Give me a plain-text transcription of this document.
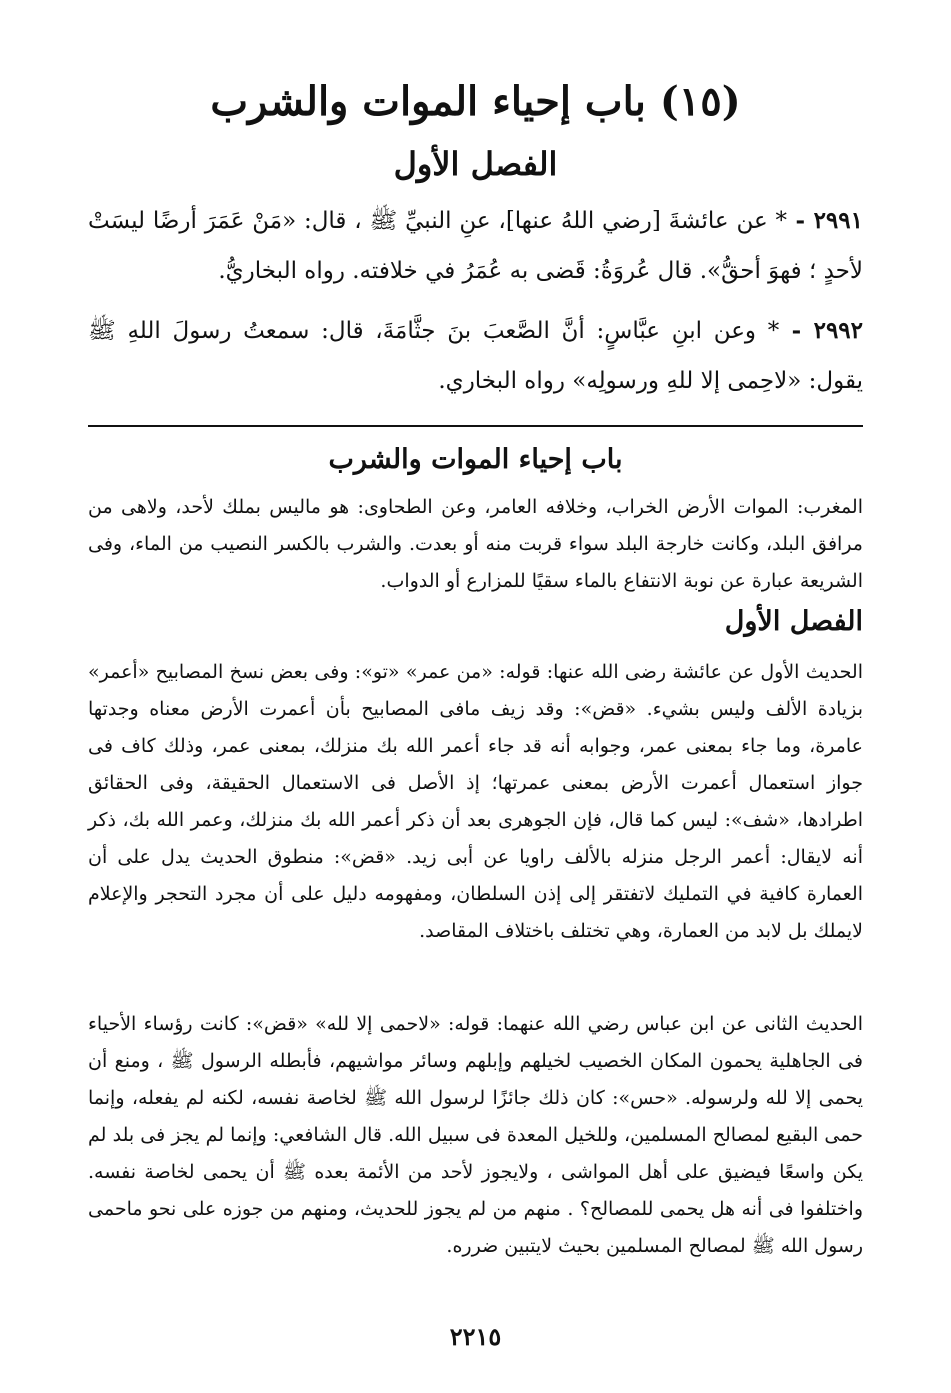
(١٥) باب إحياء الموات والشرب
الفصل الأول

٢٩٩١ - * عن عائشةَ [رضي اللهُ عنها]، عنِ النبيِّ ﷺ ، قال: «مَنْ عَمَرَ أرضًا ليسَتْ لأحدٍ ؛ فهوَ أحقُّ». قال عُروَةُ: قَضى به عُمَرُ في خلافته. رواه البخاريُّ.

٢٩٩٢ - * وعن ابنِ عبَّاسٍ: أنَّ الصَّعبَ بنَ جثَّامَةَ، قال: سمعتُ رسولَ اللهِ ﷺ يقول: «لاحِمى إلا للهِ ورسولِه» رواه البخاري.

باب إحياء الموات والشرب

المغرب: الموات الأرض الخراب، وخلافه العامر، وعن الطحاوى: هو ماليس بملك لأحد، ولاهى من مرافق البلد، وكانت خارجة البلد سواء قربت منه أو بعدت. والشرب بالكسر النصيب من الماء، وفى الشريعة عبارة عن نوبة الانتفاع بالماء سقيًا للمزارع أو الدواب.

الفصل الأول

الحديث الأول عن عائشة رضى الله عنها: قوله: «من عمر» «تو»: وفى بعض نسخ المصابيح «أعمر» بزيادة الألف وليس بشيء. «قض»: وقد زيف مافى المصابيح بأن أعمرت الأرض معناه وجدتها عامرة، وما جاء بمعنى عمر، وجوابه أنه قد جاء أعمر الله بك منزلك، بمعنى عمر، وذلك كاف فى جواز استعمال أعمرت الأرض بمعنى عمرتها؛ إذ الأصل فى الاستعمال الحقيقة، وفى الحقائق اطرادها، «شف»: ليس كما قال، فإن الجوهرى بعد أن ذكر أعمر الله بك منزلك، وعمر الله بك، ذكر أنه لايقال: أعمر الرجل منزله بالألف راويا عن أبى زيد. «قض»: منطوق الحديث يدل على أن العمارة كافية في التمليك لاتفتقر إلى إذن السلطان، ومفهومه دليل على أن مجرد التحجر والإعلام لايملك بل لابد من العمارة، وهي تختلف باختلاف المقاصد.

الحديث الثانى عن ابن عباس رضي الله عنهما: قوله: «لاحمى إلا لله» «قض»: كانت رؤساء الأحياء فى الجاهلية يحمون المكان الخصيب لخيلهم وإبلهم وسائر مواشيهم، فأبطله الرسول ﷺ ، ومنع أن يحمى إلا لله ولرسوله. «حس»: كان ذلك جائزًا لرسول الله ﷺ لخاصة نفسه، لكنه لم يفعله، وإنما حمى البقيع لمصالح المسلمين، وللخيل المعدة فى سبيل الله. قال الشافعي: وإنما لم يجز فى بلد لم يكن واسعًا فيضيق على أهل المواشى ، ولايجوز لأحد من الأئمة بعده ﷺ أن يحمى لخاصة نفسه. واختلفوا فى أنه هل يحمى للمصالح؟ . منهم من لم يجوز للحديث، ومنهم من جوزه على نحو ماحمى رسول الله ﷺ لمصالح المسلمين بحيث لايتبين ضرره.

٢٢١٥
